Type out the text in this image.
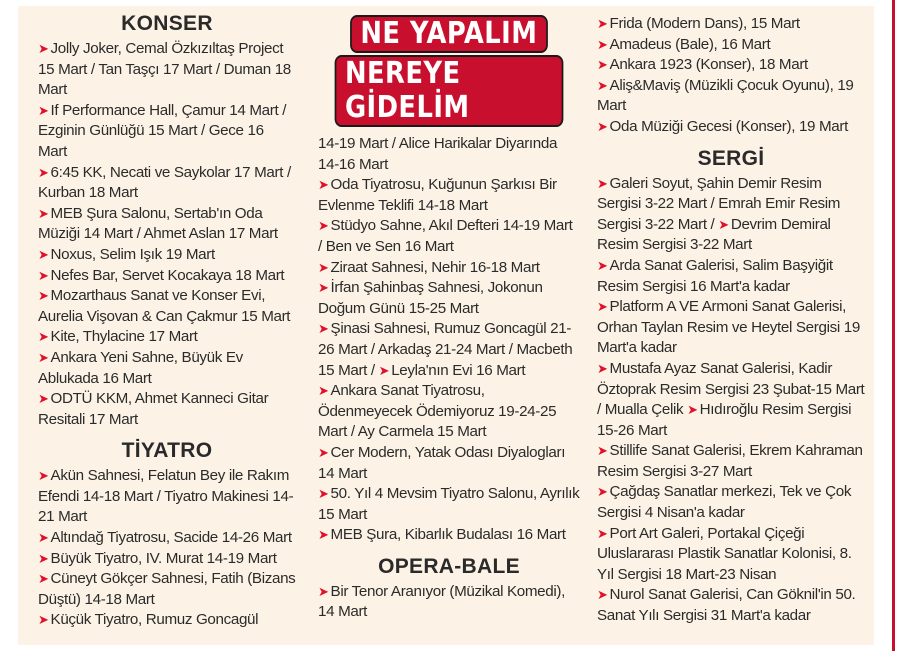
KONSER

➤ Jolly Joker, Cemal Özkızıltaş Project 15 Mart / Tan Taşçı 17 Mart / Duman 18 Mart

➤ If Performance Hall, Çamur 14 Mart / Ezginin Günlüğü 15 Mart / Gece 16 Mart

➤ 6:45 KK, Necati ve Saykolar 17 Mart / Kurban 18 Mart

➤ MEB Şura Salonu, Sertab'ın Oda Müziği 14 Mart / Ahmet Aslan 17 Mart

➤ Noxus, Selim Işık 19 Mart

➤ Nefes Bar, Servet Kocakaya 18 Mart

➤ Mozarthaus Sanat ve Konser Evi, Aurelia Vişovan & Can Çakmur 15 Mart

➤ Kite, Thylacine 17 Mart

➤ Ankara Yeni Sahne, Büyük Ev Ablukada 16 Mart

➤ ODTÜ KKM, Ahmet Kanneci Gitar Resitali 17 Mart

TİYATRO

➤ Akün Sahnesi, Felatun Bey ile Rakım Efendi 14-18 Mart / Tiyatro Makinesi 14-21 Mart

➤ Altındağ Tiyatrosu, Sacide 14-26 Mart

➤ Büyük Tiyatro, IV. Murat 14-19 Mart

➤ Cüneyt Gökçer Sahnesi, Fatih (Bizans Düştü) 14-18 Mart

➤ Küçük Tiyatro, Rumuz Goncagül

NE YAPALIM
NEREYE GİDELİM

14-19 Mart / Alice Harikalar Diyarında 14-16 Mart

➤ Oda Tiyatrosu, Kuğunun Şarkısı Bir Evlenme Teklifi 14-18 Mart

➤ Stüdyo Sahne, Akıl Defteri 14-19 Mart / Ben ve Sen 16 Mart

➤ Ziraat Sahnesi, Nehir 16-18 Mart

➤ İrfan Şahinbaş Sahnesi, Jokonun Doğum Günü 15-25 Mart

➤ Şinasi Sahnesi, Rumuz Goncagül 21-26 Mart / Arkadaş 21-24 Mart / Macbeth 15 Mart / ➤ Leyla'nın Evi 16 Mart

➤ Ankara Sanat Tiyatrosu, Ödenmeyecek Ödemiyoruz 19-24-25 Mart / Ay Carmela 15 Mart

➤ Cer Modern, Yatak Odası Diyalogları 14 Mart

➤ 50. Yıl 4 Mevsim Tiyatro Salonu, Ayrılık 15 Mart

➤ MEB Şura, Kibarlık Budalası 16 Mart

OPERA-BALE

➤ Bir Tenor Aranıyor (Müzikal Komedi), 14 Mart

➤ Frida (Modern Dans), 15 Mart

➤ Amadeus (Bale), 16 Mart

➤ Ankara 1923 (Konser), 18 Mart

➤ Aliş&Maviş (Müzikli Çocuk Oyunu), 19 Mart

➤ Oda Müziği Gecesi (Konser), 19 Mart

SERGİ

➤ Galeri Soyut, Şahin Demir Resim Sergisi 3-22 Mart / Emrah Emir Resim Sergisi 3-22 Mart / ➤ Devrim Demiral Resim Sergisi 3-22 Mart

➤ Arda Sanat Galerisi, Salim Başyiğit Resim Sergisi 16 Mart'a kadar

➤ Platform A VE Armoni Sanat Galerisi, Orhan Taylan Resim ve Heytel Sergisi 19 Mart'a kadar

➤ Mustafa Ayaz Sanat Galerisi, Kadir Öztoprak Resim Sergisi 23 Şubat-15 Mart / Mualla Çelik ➤ Hıdıroğlu Resim Sergisi 15-26 Mart

➤ Stillife Sanat Galerisi, Ekrem Kahraman Resim Sergisi 3-27 Mart

➤ Çağdaş Sanatlar merkezi, Tek ve Çok Sergisi 4 Nisan'a kadar

➤ Port Art Galeri, Portakal Çiçeği Uluslararası Plastik Sanatlar Kolonisi, 8. Yıl Sergisi 18 Mart-23 Nisan

➤ Nurol Sanat Galerisi, Can Göknil'in 50. Sanat Yılı Sergisi 31 Mart'a kadar
